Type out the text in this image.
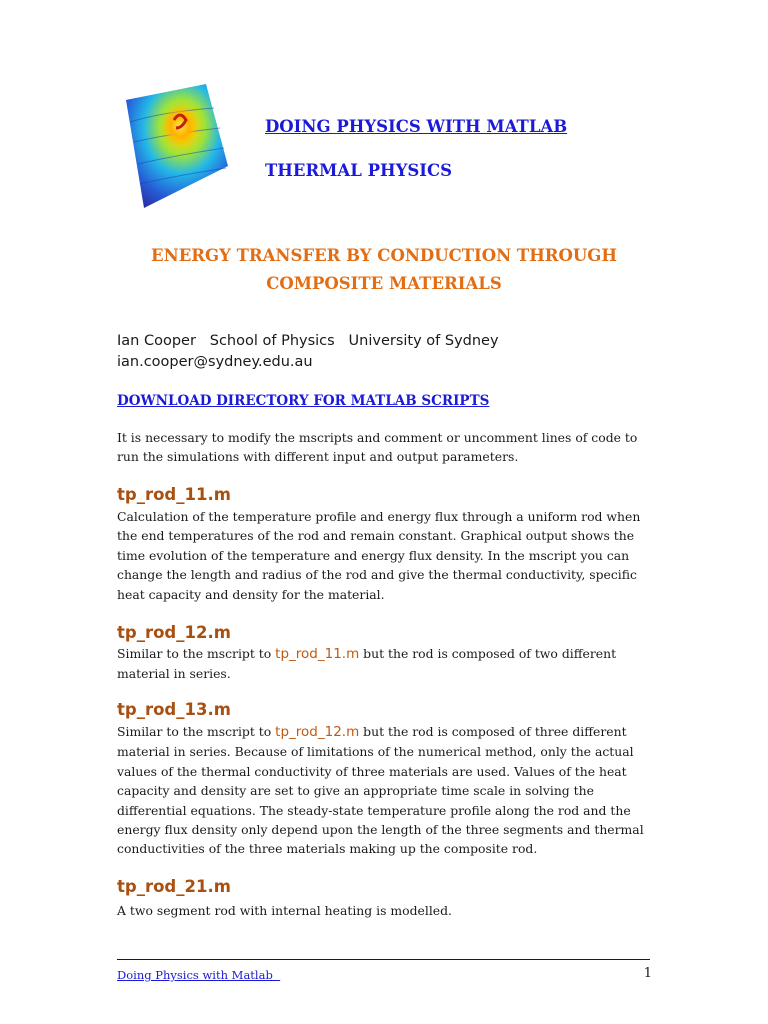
DOING PHYSICS WITH MATLAB
THERMAL PHYSICS
ENERGY TRANSFER BY CONDUCTION THROUGH
COMPOSITE MATERIALS
Ian Cooper   School of Physics   University of Sydney
ian.cooper@sydney.edu.au
DOWNLOAD DIRECTORY FOR MATLAB SCRIPTS

It is necessary to modify the mscripts and comment or uncomment lines of code to run the simulations with different input and output parameters.

tp_rod_11.m

Calculation of the temperature profile and energy flux through a uniform rod when the end temperatures of the rod and remain constant. Graphical output shows the time evolution of the temperature and energy flux density. In the mscript you can change the length and radius of the rod and give the thermal conductivity, specific heat capacity and density for the material.

tp_rod_12.m

Similar to the mscript to tp_rod_11.m but the rod is composed of two different material in series.

tp_rod_13.m

Similar to the mscript to tp_rod_12.m but the rod is composed of three different material in series. Because of limitations of the numerical method, only the actual values of the thermal conductivity of three materials are used. Values of the heat capacity and density are set to give an appropriate time scale in solving the differential equations. The steady-state temperature profile along the rod and the energy flux density only depend upon the length of the three segments and thermal conductivities of the three materials making up the composite rod.

tp_rod_21.m

A two segment rod with internal heating is modelled.

Doing Physics with Matlab	1
